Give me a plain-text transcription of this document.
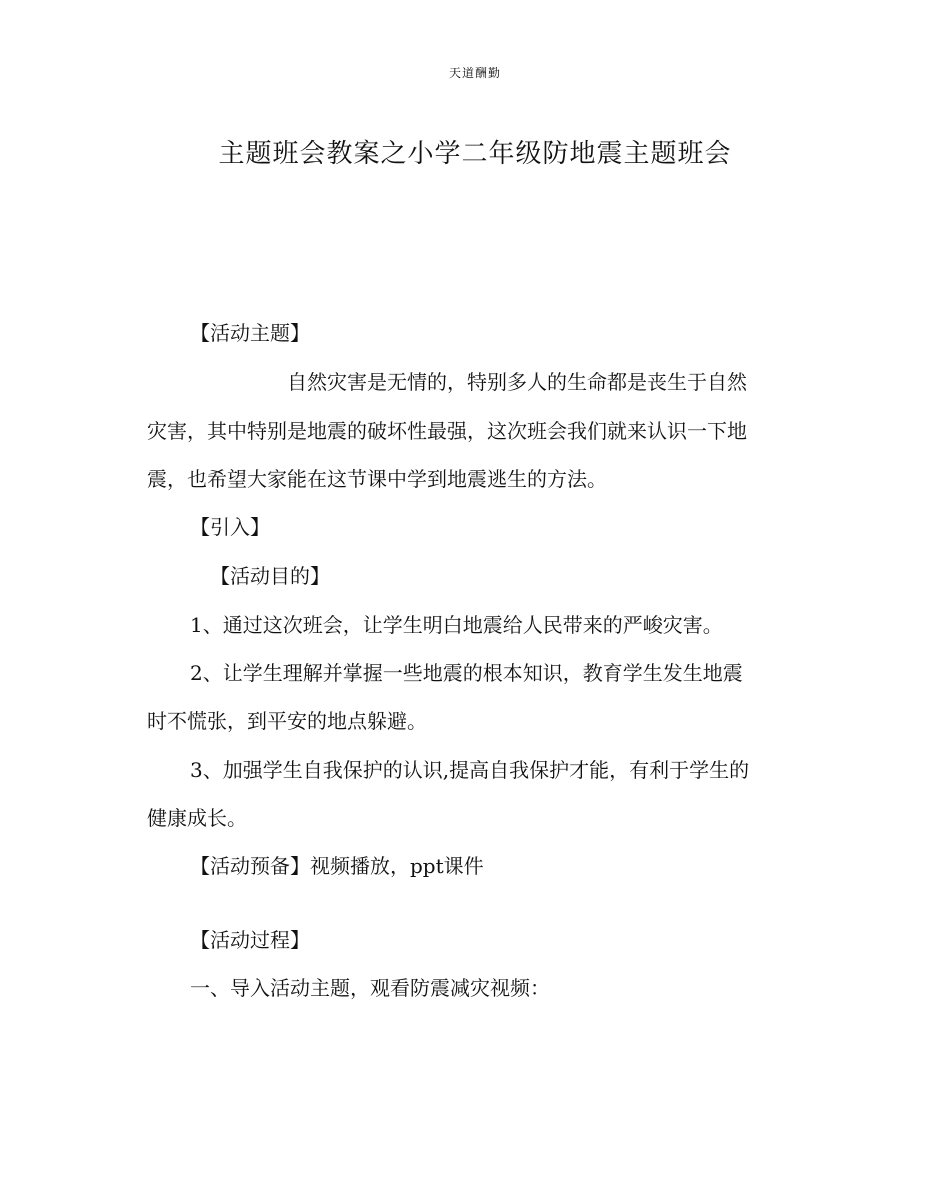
天道酬勤
主题班会教案之小学二年级防地震主题班会
【活动主题】
自然灾害是无情的，特别多人的生命都是丧生于自然
灾害，其中特别是地震的破坏性最强，这次班会我们就来认识一下地
震，也希望大家能在这节课中学到地震逃生的方法。
【引入】
【活动目的】
1、通过这次班会，让学生明白地震给人民带来的严峻灾害。
2、让学生理解并掌握一些地震的根本知识，教育学生发生地震
时不慌张，到平安的地点躲避。
3、加强学生自我保护的认识,提高自我保护才能，有利于学生的
健康成长。
【活动预备】视频播放，ppt课件
【活动过程】
一、导入活动主题，观看防震减灾视频：
